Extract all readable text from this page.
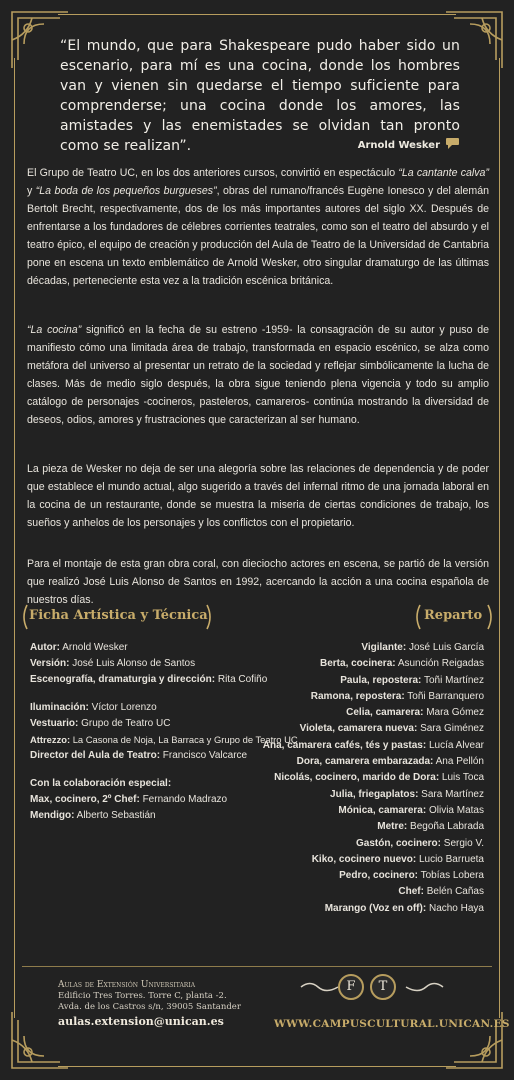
“El mundo, que para Shakespeare pudo haber sido un escenario, para mí es una cocina, donde los hombres van y vienen sin quedarse el tiempo suficiente para comprenderse; una cocina donde los amores, las amistades y las enemistades se olvidan tan pronto como se realizan”.	Arnold Wesker

El Grupo de Teatro UC, en los dos anteriores cursos, convirtió en espectáculo “La cantante calva” y “La boda de los pequeños burgueses”, obras del rumano/francés Eugène Ionesco y del alemán Bertolt Brecht, respectivamente, dos de los más importantes autores del siglo XX. Después de enfrentarse a los fundadores de célebres corrientes teatrales, como son el teatro del absurdo y el teatro épico, el equipo de creación y producción del Aula de Teatro de la Universidad de Cantabria pone en escena un texto emblemático de Arnold Wesker, otro singular dramaturgo de las últimas décadas, perteneciente esta vez a la tradición escénica británica.

“La cocina” significó en la fecha de su estreno -1959- la consagración de su autor y puso de manifiesto cómo una limitada área de trabajo, transformada en espacio escénico, se alza como metáfora del universo al presentar un retrato de la sociedad y reflejar simbólicamente la lucha de clases. Más de medio siglo después, la obra sigue teniendo plena vigencia y todo su amplio catálogo de personajes -cocineros, pasteleros, camareros- continúa mostrando la diversidad de deseos, odios, amores y frustraciones que caracterizan al ser humano.

La pieza de Wesker no deja de ser una alegoría sobre las relaciones de dependencia y de poder que establece el mundo actual, algo sugerido a través del infernal ritmo de una jornada laboral en la cocina de un restaurante, donde se muestra la miseria de ciertas condiciones de trabajo, los sueños y anhelos de los personajes y los conflictos con el propietario.

Para el montaje de esta gran obra coral, con dieciocho actores en escena, se partió de la versión que realizó José Luis Alonso de Santos en 1992, acercando la acción a una cocina española de nuestros días.

Ficha Artística y Técnica	Reparto
Autor: Arnold Wesker
Versión: José Luis Alonso de Santos
Escenografía, dramaturgia y dirección: Rita Cofiño
Iluminación: Víctor Lorenzo
Vestuario: Grupo de Teatro UC
Attrezzo: La Casona de Noja, La Barraca y Grupo de Teatro UC
Director del Aula de Teatro: Francisco Valcarce
Con la colaboración especial:
Max, cocinero, 2º Chef: Fernando Madrazo
Mendigo: Alberto Sebastián
Vigilante: José Luis García
Berta, cocinera: Asunción Reigadas
Paula, repostera: Toñi Martínez
Ramona, repostera: Toñi Barranquero
Celia, camarera: Mara Gómez
Violeta, camarera nueva: Sara Giménez
Ana, camarera cafés, tés y pastas: Lucía Alvear
Dora, camarera embarazada: Ana Pellón
Nicolás, cocinero, marido de Dora: Luis Toca
Julia, friegaplatos: Sara Martínez
Mónica, camarera: Olivia Matas
Metre: Begoña Labrada
Gastón, cocinero: Sergio V.
Kiko, cocinero nuevo: Lucio Barrueta
Pedro, cocinero: Tobías Lobera
Chef: Belén Cañas
Marango (Voz en off): Nacho Haya
Aulas de Extensión Universitaria
Edificio Tres Torres. Torre C, planta -2.
Avda. de los Castros s/n, 39005 Santander
aulas.extension@unican.es
F	T
WWW.CAMPUSCULTURAL.UNICAN.ES
